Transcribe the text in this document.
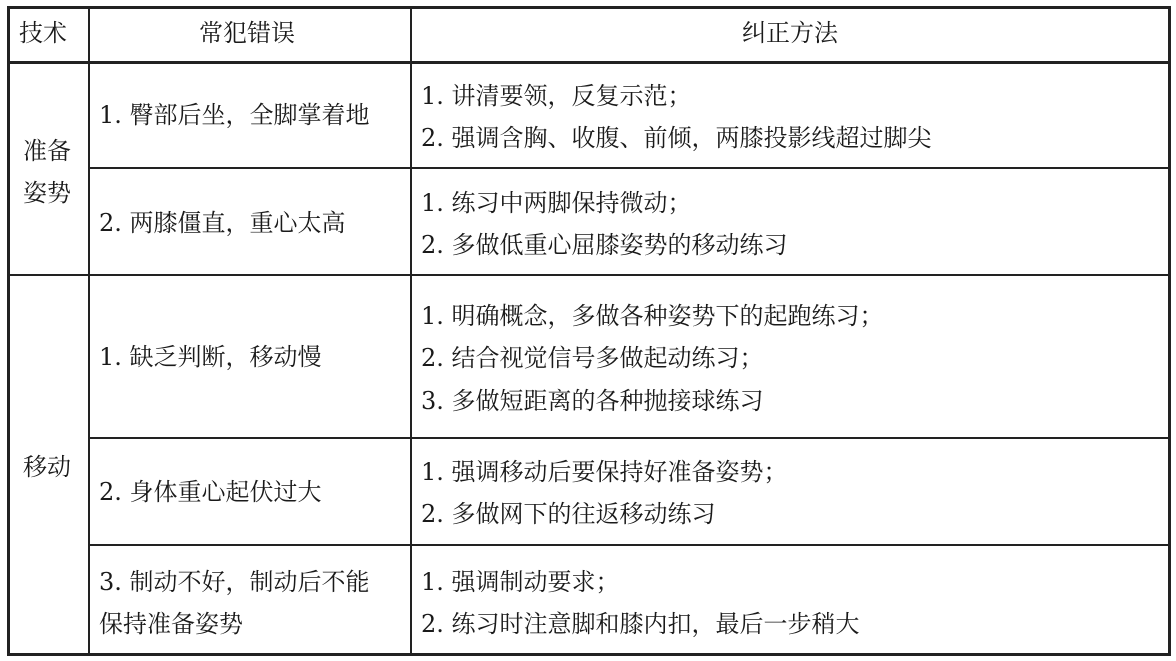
技术	常犯错误	纠正方法
准备
姿势
1. 臀部后坐，全脚掌着地
1. 讲清要领，反复示范；
2. 强调含胸、收腹、前倾，两膝投影线超过脚尖
2. 两膝僵直，重心太高
1. 练习中两脚保持微动；
2. 多做低重心屈膝姿势的移动练习
移动
1. 缺乏判断，移动慢
1. 明确概念，多做各种姿势下的起跑练习；
2. 结合视觉信号多做起动练习；
3. 多做短距离的各种抛接球练习
2. 身体重心起伏过大
1. 强调移动后要保持好准备姿势；
2. 多做网下的往返移动练习
3. 制动不好，制动后不能
保持准备姿势
1. 强调制动要求；
2. 练习时注意脚和膝内扣，最后一步稍大
